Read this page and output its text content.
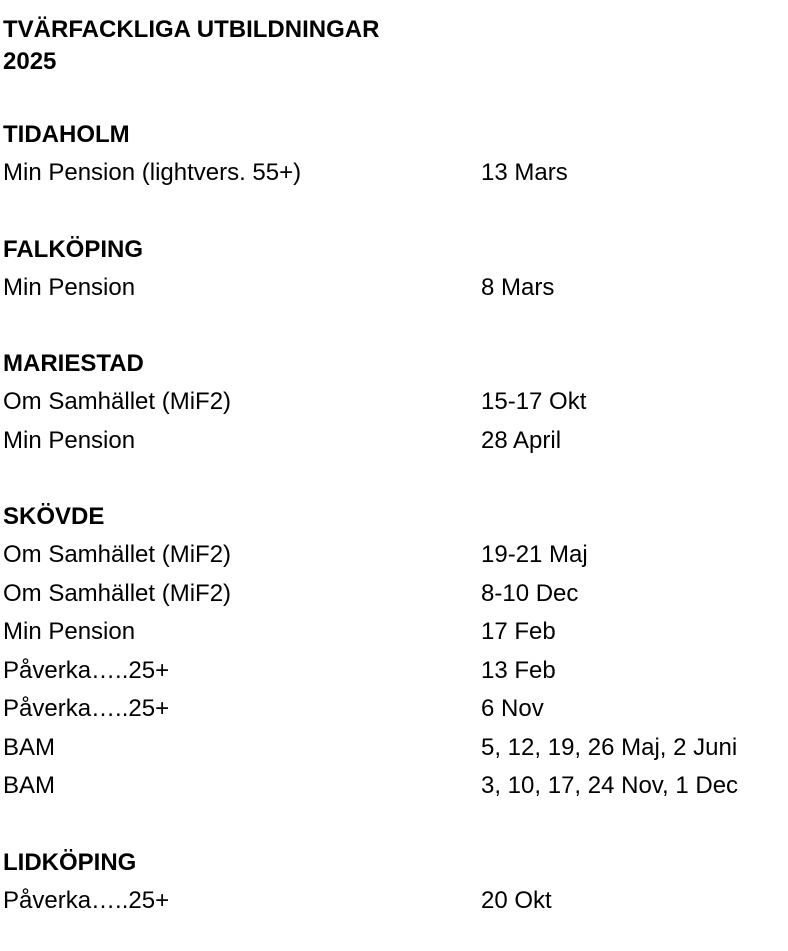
TVÄRFACKLIGA UTBILDNINGAR
2025
TIDAHOLM
Min Pension (lightvers. 55+)	13 Mars
FALKÖPING
Min Pension	8 Mars
MARIESTAD
Om Samhället (MiF2)	15-17 Okt
Min Pension	28 April
SKÖVDE
Om Samhället (MiF2)	19-21 Maj
Om Samhället (MiF2)	8-10 Dec
Min Pension	17 Feb
Påverka…..25+	13 Feb
Påverka…..25+	6 Nov
BAM	5, 12, 19, 26 Maj, 2 Juni
BAM	3, 10, 17, 24 Nov, 1 Dec
LIDKÖPING
Påverka…..25+	20 Okt
